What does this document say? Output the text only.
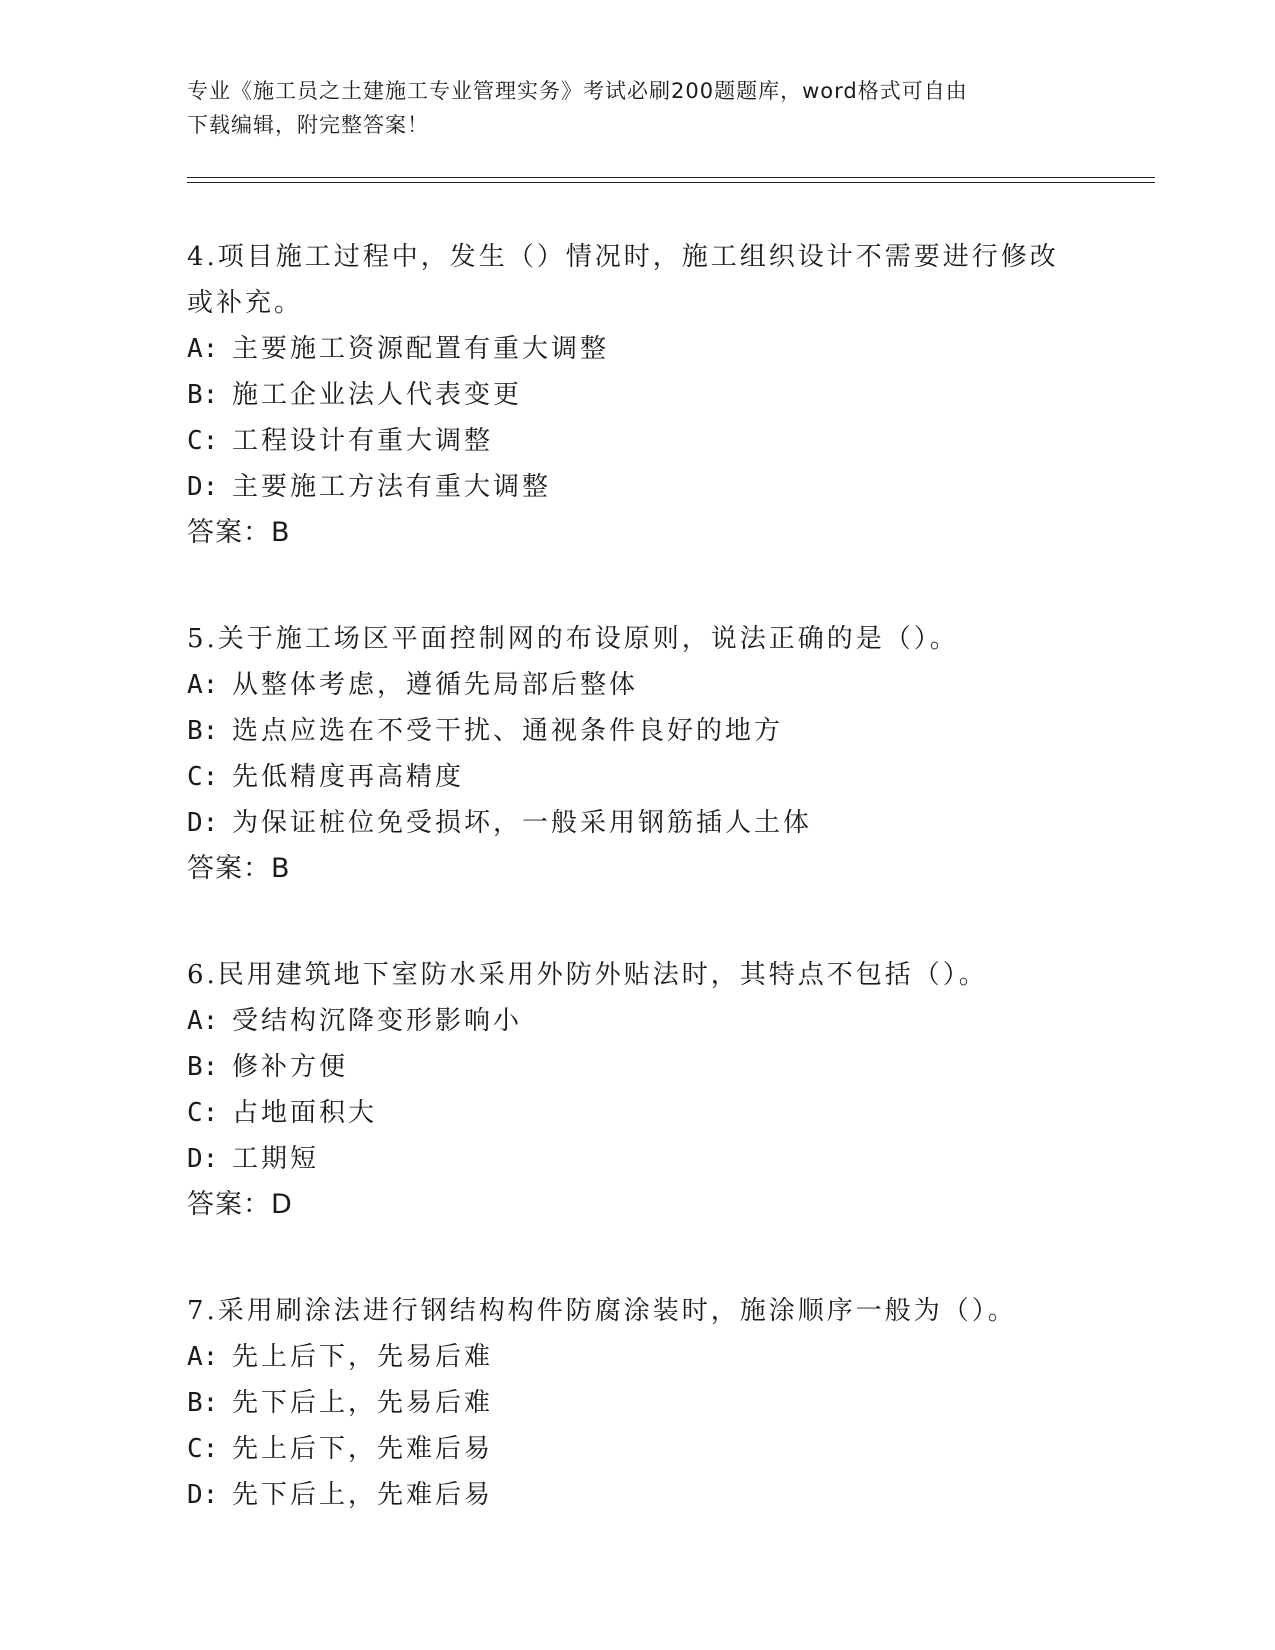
专业《施工员之土建施工专业管理实务》考试必刷200题题库，word格式可自由
下载编辑，附完整答案！
4.项目施工过程中，发生（）情况时，施工组织设计不需要进行修改
或补充。
A: 主要施工资源配置有重大调整
B: 施工企业法人代表变更
C: 工程设计有重大调整
D: 主要施工方法有重大调整
答案：B
5.关于施工场区平面控制网的布设原则，说法正确的是（）。
A: 从整体考虑，遵循先局部后整体
B: 选点应选在不受干扰、通视条件良好的地方
C: 先低精度再高精度
D: 为保证桩位免受损坏，一般采用钢筋插人土体
答案：B
6.民用建筑地下室防水采用外防外贴法时，其特点不包括（）。
A: 受结构沉降变形影响小
B: 修补方便
C: 占地面积大
D: 工期短
答案：D
7.采用刷涂法进行钢结构构件防腐涂装时，施涂顺序一般为（）。
A: 先上后下，先易后难
B: 先下后上，先易后难
C: 先上后下，先难后易
D: 先下后上，先难后易
